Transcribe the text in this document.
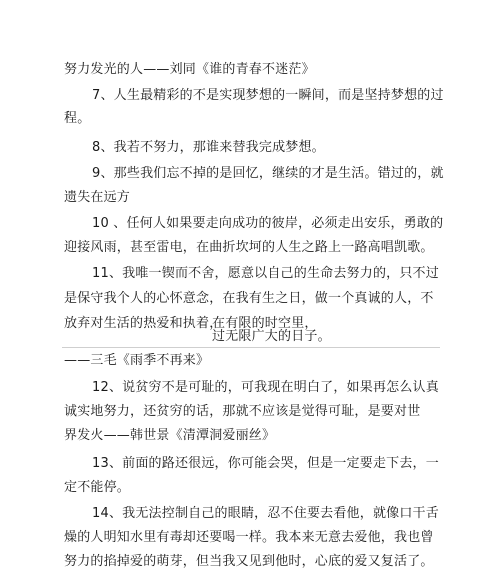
努力发光的人——刘同《谁的青春不迷茫》
7、人生最精彩的不是实现梦想的一瞬间，而是坚持梦想的过
程。
8、我若不努力，那谁来替我完成梦想。
9、那些我们忘不掉的是回忆，继续的才是生活。错过的，就
遗失在远方
10 、任何人如果要走向成功的彼岸，必须走出安乐，勇敢的
迎接风雨，甚至雷电，在曲折坎坷的人生之路上一路高唱凯歌。
11、我唯一锲而不舍，愿意以自己的生命去努力的，只不过
是保守我个人的心怀意念，在我有生之日，做一个真诚的人，不
放弃对生活的热爱和执着，
在有限的时空里，
过无限广大的日子。
——三毛《雨季不再来》
12、说贫穷不是可耻的，可我现在明白了，如果再怎么认真
诚实地努力，还贫穷的话，那就不应该是觉得可耻，是要对世
界发火——韩世景《清潭洞爱丽丝》
13、前面的路还很远，你可能会哭，但是一定要走下去，一
定不能停。
14、我无法控制自己的眼睛，忍不住要去看他，就像口干舌
燥的人明知水里有毒却还要喝一样。我本来无意去爱他，我也曾
努力的掐掉爱的萌芽，但当我又见到他时，心底的爱又复活了。
